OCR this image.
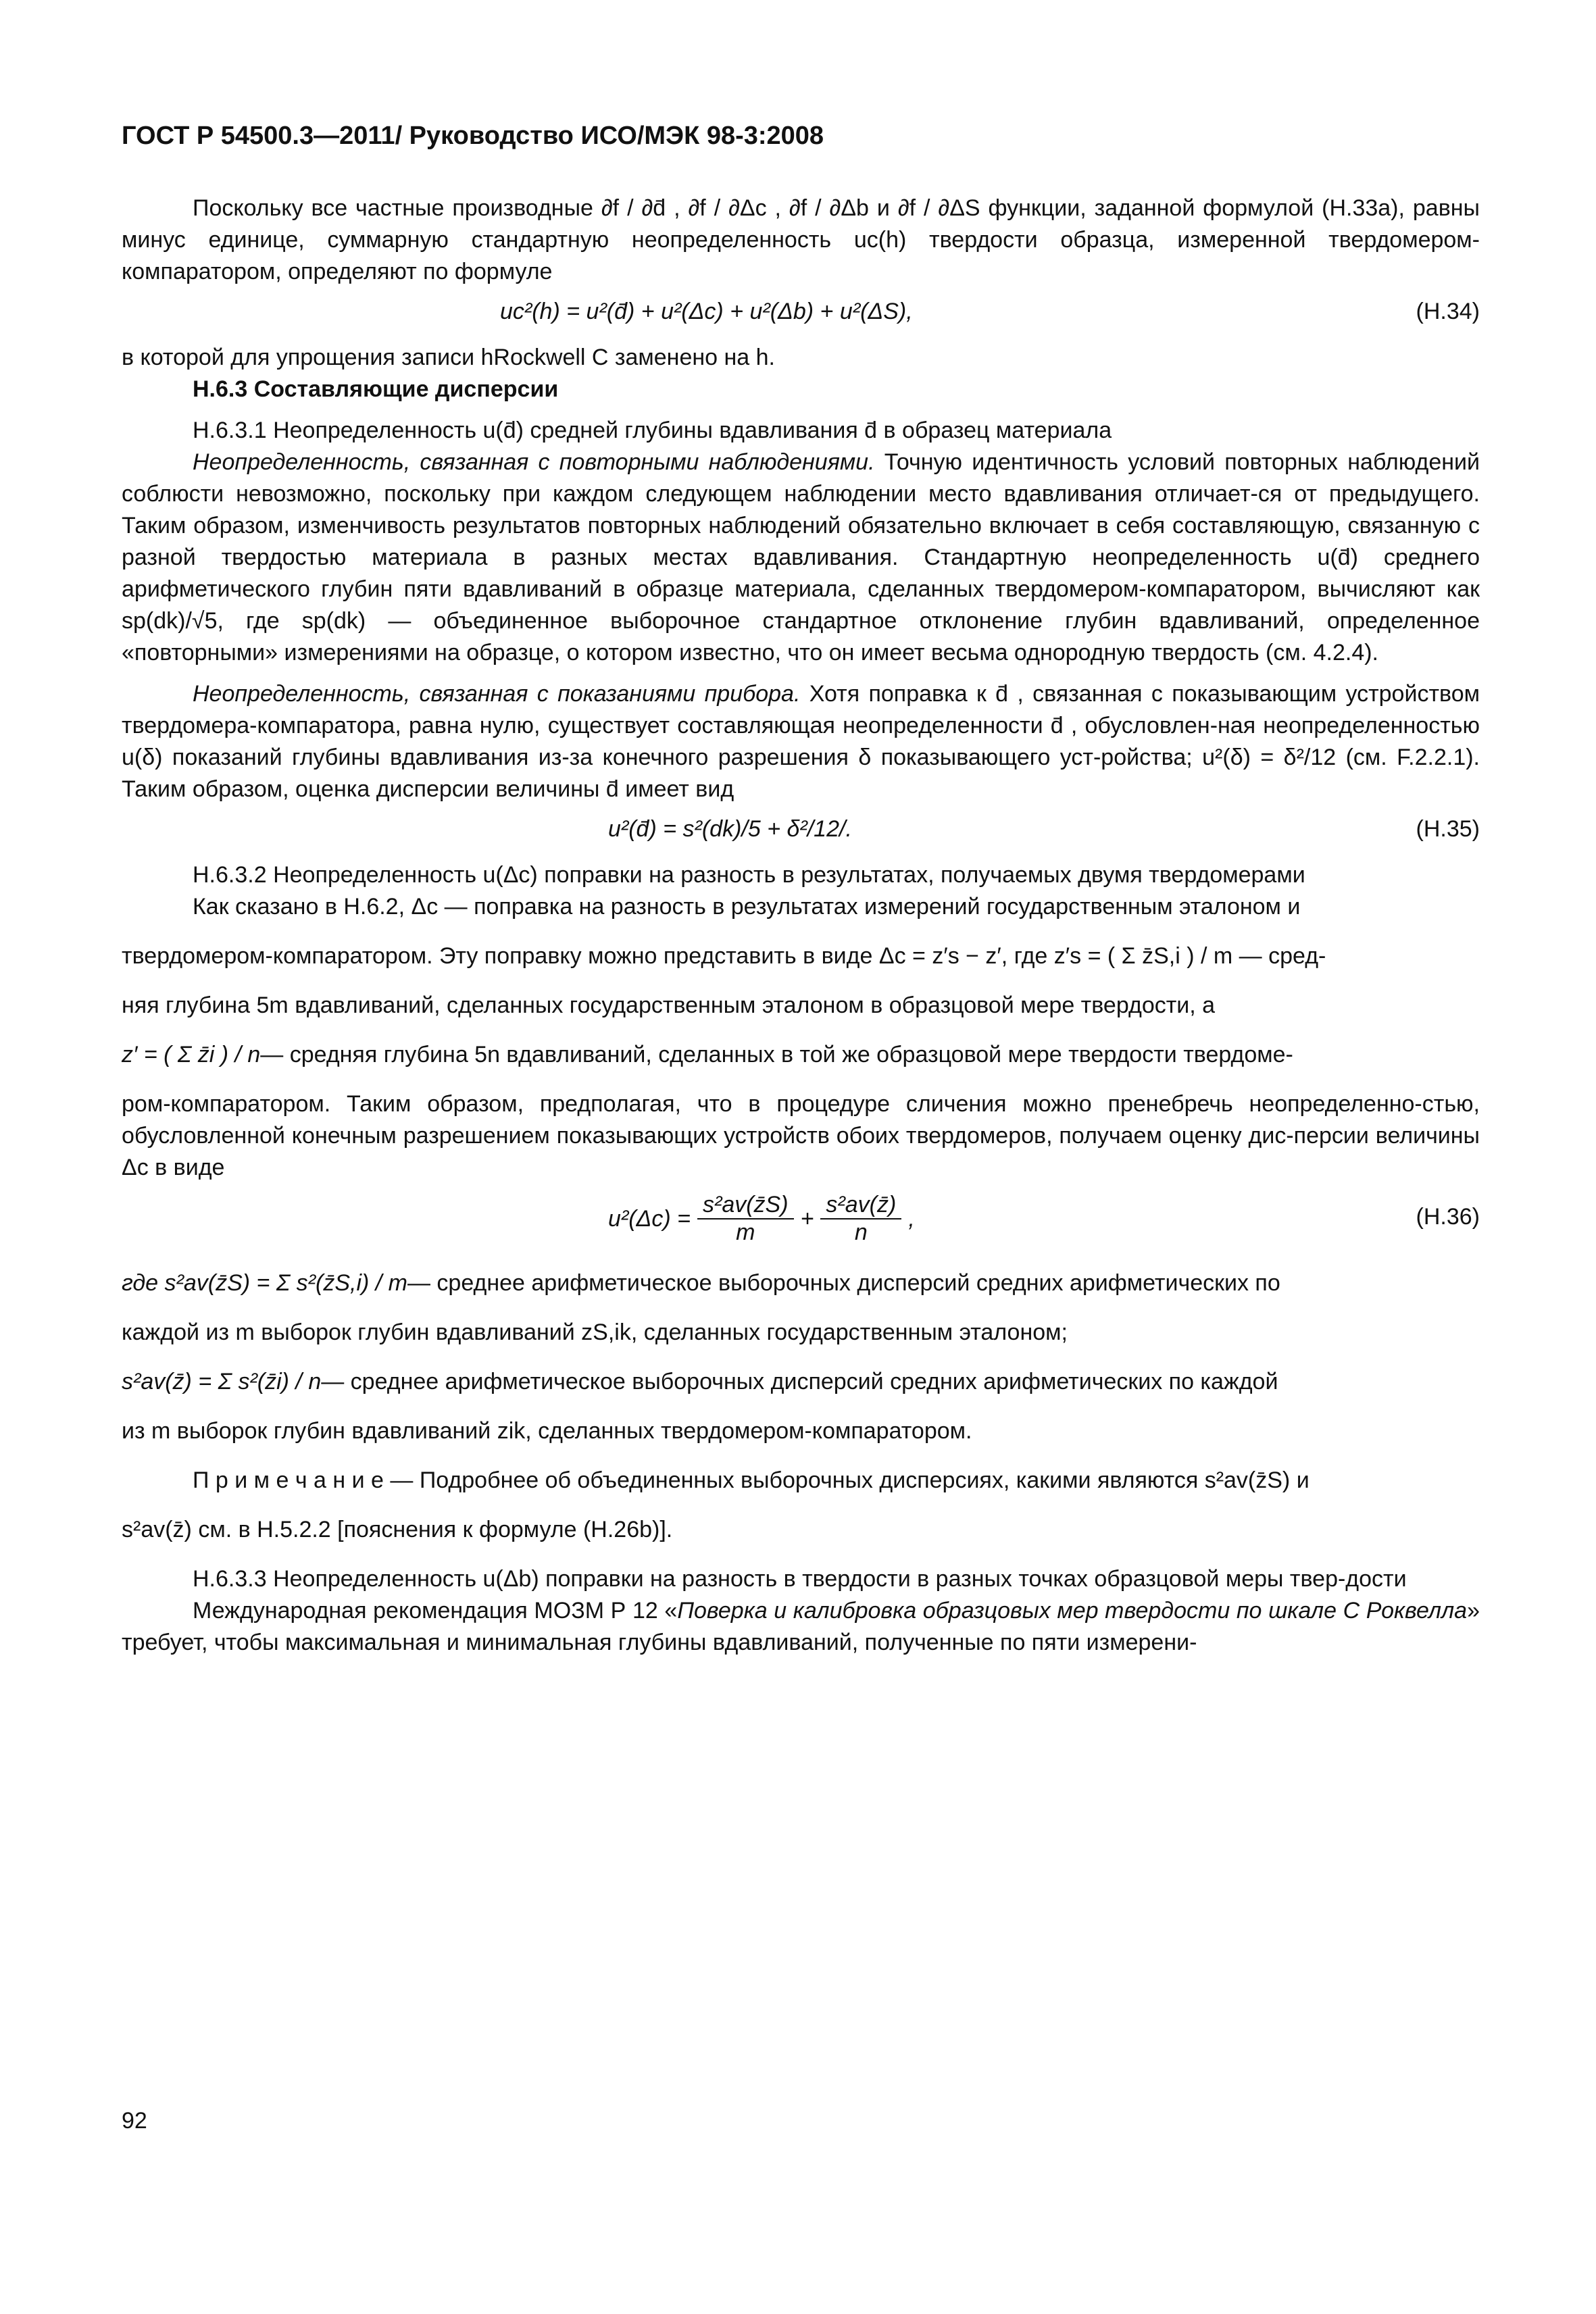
ГОСТ Р 54500.3—2011/ Руководство ИСО/МЭК 98-3:2008

Поскольку все частные производные ∂f / ∂d̄ , ∂f / ∂Δc , ∂f / ∂Δb и ∂f / ∂ΔS функции, заданной формулой (Н.33а), равны минус единице, суммарную стандартную неопределенность uc(h) твердости образца, измеренной твердомером-компаратором, определяют по формуле

uc²(h) = u²(d̄) + u²(Δc) + u²(Δb) + u²(ΔS),	(Н.34)

в которой для упрощения записи hRockwell C заменено на h.

Н.6.3 Составляющие дисперсии

Н.6.3.1 Неопределенность u(d̄) средней глубины вдавливания d̄ в образец материала

Неопределенность, связанная с повторными наблюдениями. Точную идентичность условий повторных наблюдений соблюсти невозможно, поскольку при каждом следующем наблюдении место вдавливания отличает-ся от предыдущего. Таким образом, изменчивость результатов повторных наблюдений обязательно включает в себя составляющую, связанную с разной твердостью материала в разных местах вдавливания. Стандартную неопределенность u(d̄) среднего арифметического глубин пяти вдавливаний в образце материала, сделанных твердомером-компаратором, вычисляют как sp(dk)/√5, где sp(dk) — объединенное выборочное стандартное отклонение глубин вдавливаний, определенное «повторными» измерениями на образце, о котором известно, что он имеет весьма однородную твердость (см. 4.2.4).

Неопределенность, связанная с показаниями прибора. Хотя поправка к d̄ , связанная с показывающим устройством твердомера-компаратора, равна нулю, существует составляющая неопределенности d̄ , обусловлен-ная неопределенностью u(δ) показаний глубины вдавливания из-за конечного разрешения δ показывающего уст-ройства; u²(δ) = δ²/12 (см. F.2.2.1). Таким образом, оценка дисперсии величины d̄ имеет вид

u²(d̄) = s²(dk)/5 + δ²/12/.	(Н.35)

Н.6.3.2 Неопределенность u(Δc) поправки на разность в результатах, получаемых двумя твердомерами

Как сказано в Н.6.2, Δc — поправка на разность в результатах измерений государственным эталоном и

твердомером-компаратором. Эту поправку можно представить в виде Δc = z′s − z′, где z′s = ( Σ z̄S,i ) / m — сред-

няя глубина 5m вдавливаний, сделанных государственным эталоном в образцовой мере твердости, а

z′ = ( Σ z̄i ) / n — средняя глубина 5n вдавливаний, сделанных в той же образцовой мере твердости твердоме-

ром-компаратором. Таким образом, предполагая, что в процедуре сличения можно пренебречь неопределенно-стью, обусловленной конечным разрешением показывающих устройств обоих твердомеров, получаем оценку дис-персии величины Δc в виде

$u^2(\Delta c) = \frac{\text{s²av(z̄S)}}{m} + \frac{\text{s²av(z̄)}}{n}$ ,	(Н.36)
где s²av(z̄S) = Σ s²(z̄S,i) / m — среднее арифметическое выборочных дисперсий средних арифметических по

каждой из m выборок глубин вдавливаний zS,ik, сделанных государственным эталоном;

s²av(z̄) = Σ s²(z̄i) / n — среднее арифметическое выборочных дисперсий средних арифметических по каждой

из m выборок глубин вдавливаний zik, сделанных твердомером-компаратором.

П р и м е ч а н и е — Подробнее об объединенных выборочных дисперсиях, какими являются s²av(z̄S) и

s²av(z̄) см. в Н.5.2.2 [пояснения к формуле (Н.26b)].

Н.6.3.3 Неопределенность u(Δb) поправки на разность в твердости в разных точках образцовой меры твер-дости

Международная рекомендация МОЗМ Р 12 «Поверка и калибровка образцовых мер твердости по шкале С Роквелла» требует, чтобы максимальная и минимальная глубины вдавливаний, полученные по пяти измерени-

92
